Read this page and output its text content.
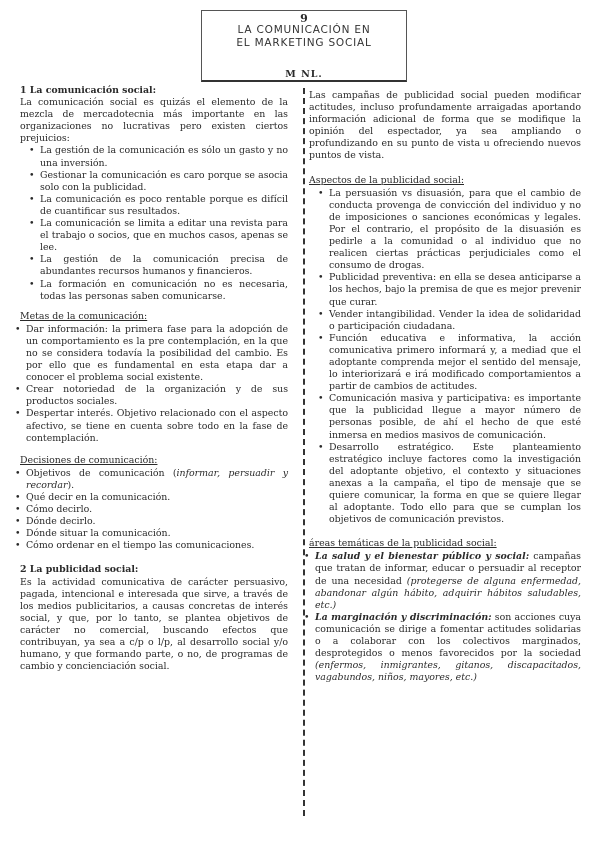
9
LA COMUNICACIÓN EN
EL MARKETING SOCIAL
M NL.

1 La comunicación social:

La comunicación social es quizás el elemento de la mezcla de mercadotecnia más importante en las organizaciones no lucrativas pero existen ciertos prejuicios:

• La gestión de la comunicación es sólo un gasto y no una inversión.
• Gestionar la comunicación es caro porque se asocia solo con la publicidad.
• La comunicación es poco rentable porque es difícil de cuantificar sus resultados.
• La comunicación se limita a editar una revista para el trabajo o socios, que en muchos casos, apenas se lee.
• La gestión de la comunicación precisa de abundantes recursos humanos y financieros.
• La formación en comunicación no es necesaria, todas las personas saben comunicarse.

Metas de la comunicación:

• Dar información: la primera fase para la adopción de un comportamiento es la pre contemplación, en la que no se considera todavía la posibilidad del cambio. Es por ello que es fundamental en esta etapa dar a conocer el problema social existente.
• Crear notoriedad de la organización y de sus productos sociales.
• Despertar interés. Objetivo relacionado con el aspecto afectivo, se tiene en cuenta sobre todo en la fase de contemplación.

Decisiones de comunicación:

• Objetivos de comunicación (informar, persuadir y recordar).
• Qué decir en la comunicación.
• Cómo decirlo.
• Dónde decirlo.
• Dónde situar la comunicación.
• Cómo ordenar en el tiempo las comunicaciones.

2 La publicidad social:

Es la actividad comunicativa de carácter persuasivo, pagada, intencional e interesada que sirve, a través de los medios publicitarios, a causas concretas de interés social, y que, por lo tanto, se plantea objetivos de carácter no comercial, buscando efectos que contribuyan, ya sea a c/p o l/p, al desarrollo social y/o humano, y que formando parte, o no, de programas de cambio y concienciación social.

Las campañas de publicidad social pueden modificar actitudes, incluso profundamente arraigadas aportando información adicional de forma que se modifique la opinión del espectador, ya sea ampliando o profundizando en su punto de vista u ofreciendo nuevos puntos de vista.

Aspectos de la publicidad social:

• La persuasión vs disuasión, para que el cambio de conducta provenga de convicción del individuo y no de imposiciones o sanciones económicas y legales. Por el contrario, el propósito de la disuasión es pedirle a la comunidad o al individuo que no realicen ciertas prácticas perjudiciales como el consumo de drogas.
• Publicidad preventiva: en ella se desea anticiparse a los hechos, bajo la premisa de que es mejor prevenir que curar.
• Vender intangibilidad. Vender la idea de solidaridad o participación ciudadana.
• Función educativa e informativa, la acción comunicativa primero informará y, a mediad que el adoptante comprenda mejor el sentido del mensaje, lo interiorizará e irá modificado comportamientos a partir de cambios de actitudes.
• Comunicación masiva y participativa: es importante que la publicidad llegue a mayor número de personas posible, de ahí el hecho de que esté inmersa en medios masivos de comunicación.
• Desarrollo estratégico. Este planteamiento estratégico incluye factores como la investigación del adoptante objetivo, el contexto y situaciones anexas a la campaña, el tipo de mensaje que se quiere comunicar, la forma en que se quiere llegar al adoptante. Todo ello para que se cumplan los objetivos de comunicación previstos.

áreas temáticas de la publicidad social:

• La salud y el bienestar público y social: campañas que tratan de informar, educar o persuadir al receptor de una necesidad (protegerse de alguna enfermedad, abandonar algún hábito, adquirir hábitos saludables, etc.)
• La marginación y discriminación: son acciones cuya comunicación se dirige a fomentar actitudes solidarias o a colaborar con los colectivos marginados, desprotegidos o menos favorecidos por la sociedad (enfermos, inmigrantes, gitanos, discapacitados, vagabundos, niños, mayores, etc.)
